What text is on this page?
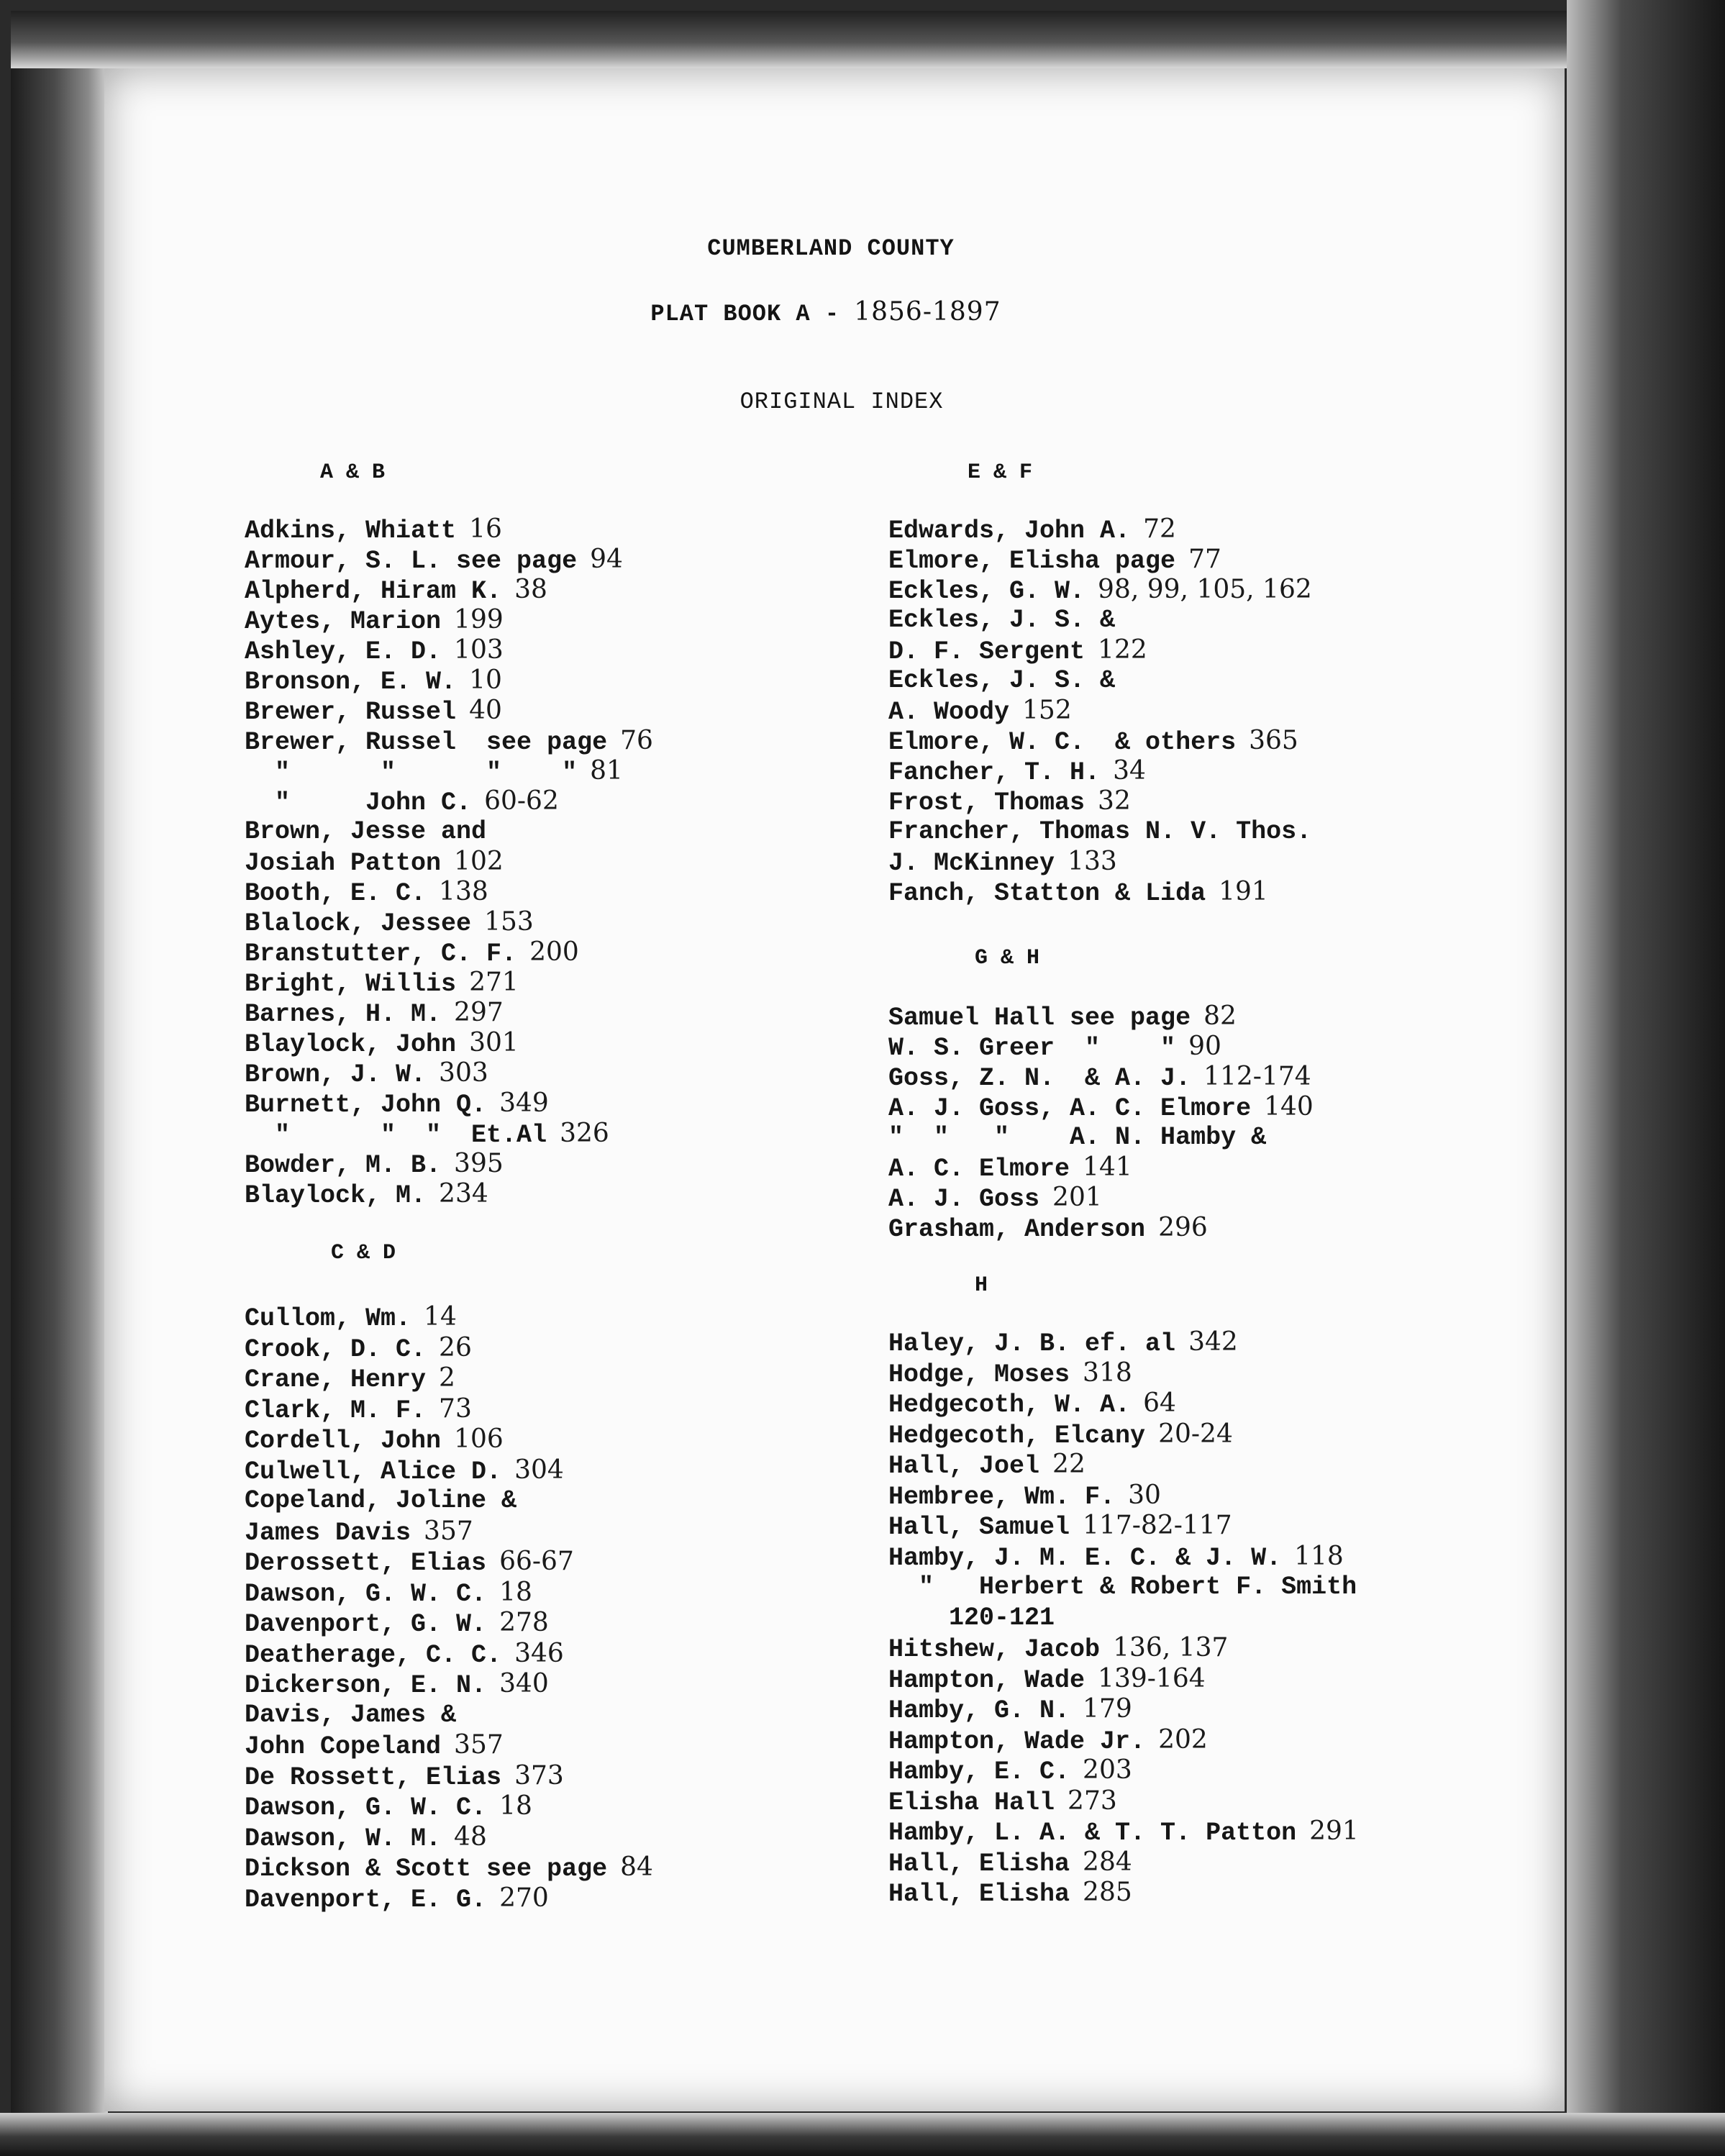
CUMBERLAND COUNTY
PLAT BOOK A - 1856-1897
ORIGINAL INDEX
A & B
Adkins, Whiatt 16
Armour, S. L. see page 94
Alpherd, Hiram K. 38
Aytes, Marion 199
Ashley, E. D. 103
Bronson, E. W. 10
Brewer, Russel 40
Brewer, Russel  see page 76
"      "      "    " 81
"     John C. 60-62
Brown, Jesse and
Josiah Patton 102
Booth, E. C. 138
Blalock, Jessee 153
Branstutter, C. F. 200
Bright, Willis 271
Barnes, H. M. 297
Blaylock, John 301
Brown, J. W. 303
Burnett, John Q. 349
"      "  "  Et.Al 326
Bowder, M. B. 395
Blaylock, M. 234
C & D
Cullom, Wm. 14
Crook, D. C. 26
Crane, Henry 2
Clark, M. F. 73
Cordell, John 106
Culwell, Alice D. 304
Copeland, Joline &
James Davis 357
Derossett, Elias 66-67
Dawson, G. W. C. 18
Davenport, G. W. 278
Deatherage, C. C. 346
Dickerson, E. N. 340
Davis, James &
John Copeland 357
De Rossett, Elias 373
Dawson, G. W. C. 18
Dawson, W. M. 48
Dickson & Scott see page 84
Davenport, E. G. 270
E & F
Edwards, John A. 72
Elmore, Elisha page 77
Eckles, G. W. 98, 99, 105, 162
Eckles, J. S. &
D. F. Sergent 122
Eckles, J. S. &
A. Woody 152
Elmore, W. C.  & others 365
Fancher, T. H. 34
Frost, Thomas 32
Francher, Thomas N. V. Thos.
J. McKinney 133
Fanch, Statton & Lida 191
G & H
Samuel Hall see page 82
W. S. Greer  "    " 90
Goss, Z. N.  & A. J. 112-174
A. J. Goss, A. C. Elmore 140
"  "   "    A. N. Hamby &
A. C. Elmore 141
A. J. Goss 201
Grasham, Anderson 296
H
Haley, J. B. ef. al 342
Hodge, Moses 318
Hedgecoth, W. A. 64
Hedgecoth, Elcany 20-24
Hall, Joel 22
Hembree, Wm. F. 30
Hall, Samuel 117-82-117
Hamby, J. M. E. C. & J. W. 118
"   Herbert & Robert F. Smith
120-121
Hitshew, Jacob 136, 137
Hampton, Wade 139-164
Hamby, G. N. 179
Hampton, Wade Jr. 202
Hamby, E. C. 203
Elisha Hall 273
Hamby, L. A. & T. T. Patton 291
Hall, Elisha 284
Hall, Elisha 285
